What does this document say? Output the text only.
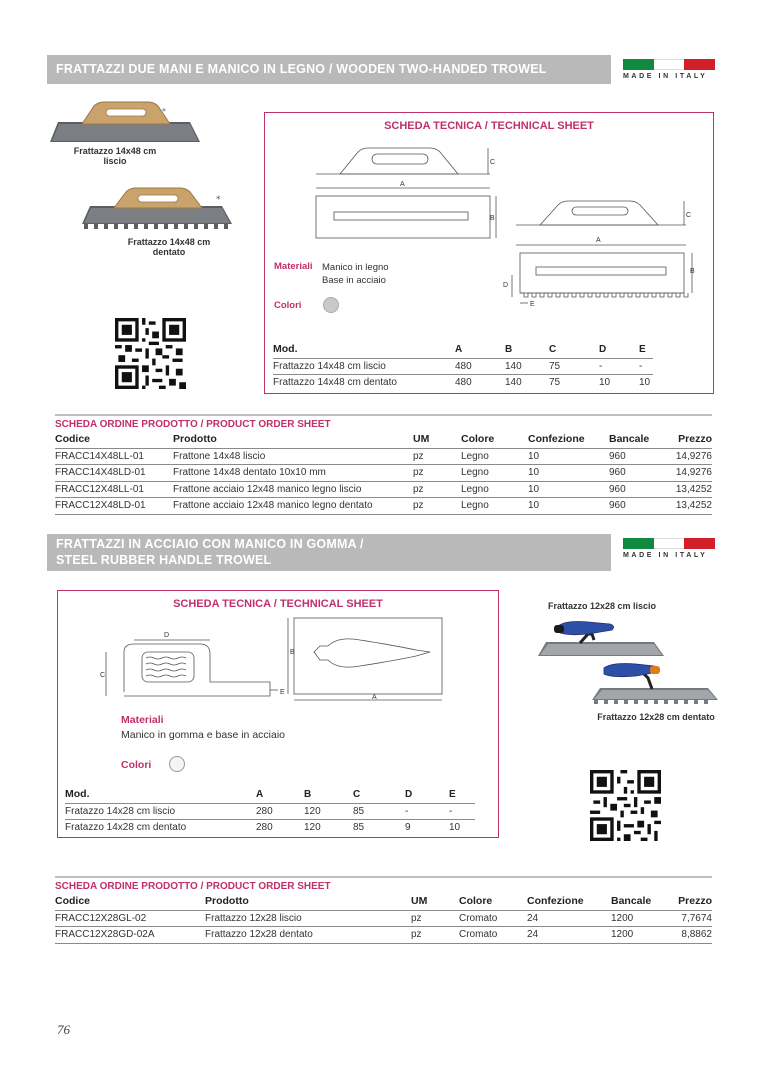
FRATTAZZI DUE MANI E MANICO IN LEGNO / WOODEN TWO-HANDED TROWEL
MADE IN ITALY
*
Frattazzo 14x48 cm
liscio
*
Frattazzo 14x48 cm
dentato
SCHEDA TECNICA / TECHNICAL SHEET
C
A
B	C
A
B
D
E
Materiali Manico in legno
Base in acciaio
Colori
Mod.	A	B	C	D	E
Frattazzo 14x48 cm liscio	480	140	75	-	-
Frattazzo 14x48 cm dentato	480	140	75	10	10
SCHEDA ORDINE PRODOTTO / PRODUCT ORDER SHEET
Codice	Prodotto	UM	Colore	Confezione	Bancale	Prezzo
FRACC14X48LL-01	Frattone 14x48 liscio	pz	Legno	10	960	14,9276
FRACC14X48LD-01	Frattone 14x48 dentato 10x10 mm	pz	Legno	10	960	14,9276
FRACC12X48LL-01	Frattone acciaio 12x48 manico legno liscio	pz	Legno	10	960	13,4252
FRACC12X48LD-01	Frattone acciaio 12x48 manico legno dentato	pz	Legno	10	960	13,4252
FRATTAZZI IN ACCIAIO CON MANICO IN GOMMA /
STEEL RUBBER HANDLE TROWEL	MADE IN ITALY
SCHEDA TECNICA / TECHNICAL SHEET
D
C
E
B
A
Materiali
Manico in gomma e base in acciaio
Colori
Mod.	A	B	C	D	E
Fratazzo 14x28 cm liscio	280	120	85	-	-
Fratazzo 14x28 cm dentato	280	120	85	9	10
Frattazzo 12x28 cm liscio
Frattazzo 12x28 cm dentato
SCHEDA ORDINE PRODOTTO / PRODUCT ORDER SHEET
Codice	Prodotto	UM	Colore	Confezione	Bancale	Prezzo
FRACC12X28GL-02	Frattazzo 12x28 liscio	pz	Cromato	24	1200	7,7674
FRACC12X28GD-02A	Frattazzo 12x28 dentato	pz	Cromato	24	1200	8,8862
76
